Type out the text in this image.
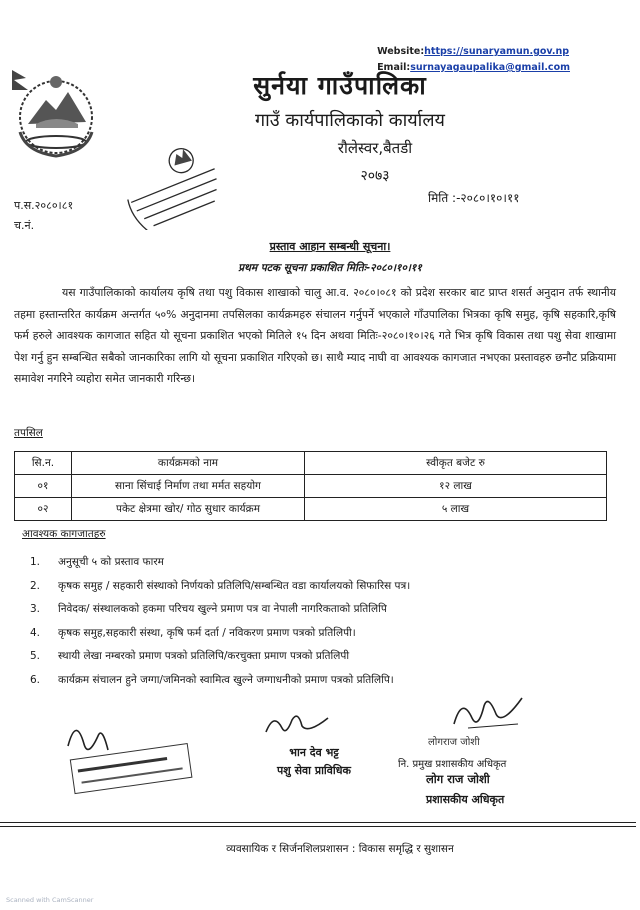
Website:https://sunaryamun.gov.np
Email:surnayagaupalika@gmail.com
सुर्नया गाउँपालिका
गाउँ कार्यपालिकाको कार्यालय
रौलेस्वर,बैतडी
२०७३
प.स.२०८०।८१
च.नं.
मिति :-२०८०।१०।११
प्रस्ताव आहान सम्बन्धी सूचना।
प्रथम पटक सूचना प्रकाशित मितिः-२०८०।१०।११
यस गाउँपालिकाको कार्यालय कृषि तथा पशु विकास शाखाको चालु आ.व. २०८०।०८१ को प्रदेश सरकार बाट प्राप्त शसर्त अनुदान तर्फ स्थानीय तहमा हस्तान्तरित कार्यक्रम अन्तर्गत ५०% अनुदानमा तपसिलका कार्यक्रमहरु संचालन गर्नुपर्ने भएकाले गाँउपालिका भित्रका कृषि समुह, कृषि सहकारि,कृषि फर्म हरुले आवश्यक कागजात सहित यो सूचना प्रकाशित भएको मितिले १५ दिन अथवा मितिः-२०८०।१०।२६ गते भित्र कृषि विकास तथा पशु सेवा शाखामा पेश गर्नु हुन सम्बन्धित सबैको जानकारिका लागि यो सूचना प्रकाशित गरिएको छ। साथै म्याद नाघी वा आवश्यक कागजात नभएका प्रस्तावहरु छनौट प्रक्रियामा समावेश नगरिने व्यहोरा समेत जानकारी गरिन्छ।
तपसिल
सि.न.	कार्यक्रमको नाम	स्वीकृत बजेट रु
०१	साना सिंचाई निर्माण तथा मर्मत सहयोग	१२ लाख
०२	पकेट क्षेत्रमा खोर/ गोठ सुधार कार्यक्रम	५ लाख
आवश्यक कागजातहरु
1. अनुसूची ५ को प्रस्ताव फारम
2. कृषक समुह / सहकारी संस्थाको निर्णयको प्रतिलिपि/सम्बन्धित वडा कार्यालयको सिफारिस पत्र।
3. निवेदक/ संस्थालकको हकमा परिचय खुल्ने प्रमाण पत्र वा नेपाली नागरिकताको प्रतिलिपि
4. कृषक समुह,सहकारी संस्था, कृषि फर्म दर्ता / नविकरण प्रमाण पत्रको प्रतिलिपी।
5. स्थायी लेखा नम्बरको प्रमाण पत्रको प्रतिलिपि/करचुक्ता प्रमाण पत्रको प्रतिलिपी
6. कार्यक्रम संचालन हुने जग्गा/जमिनको स्वामित्व खुल्ने जग्गाधनीको प्रमाण पत्रको प्रतिलिपि।
भान देव भट्ट
पशु सेवा प्राविधिक
लोगराज जोशी
नि. प्रमुख प्रशासकीय अधिकृत
लोग राज जोशी
प्रशासकीय अधिकृत
व्यवसायिक र सिर्जनशिलप्रशासन : विकास समृद्धि र सुशासन
Scanned with CamScanner
